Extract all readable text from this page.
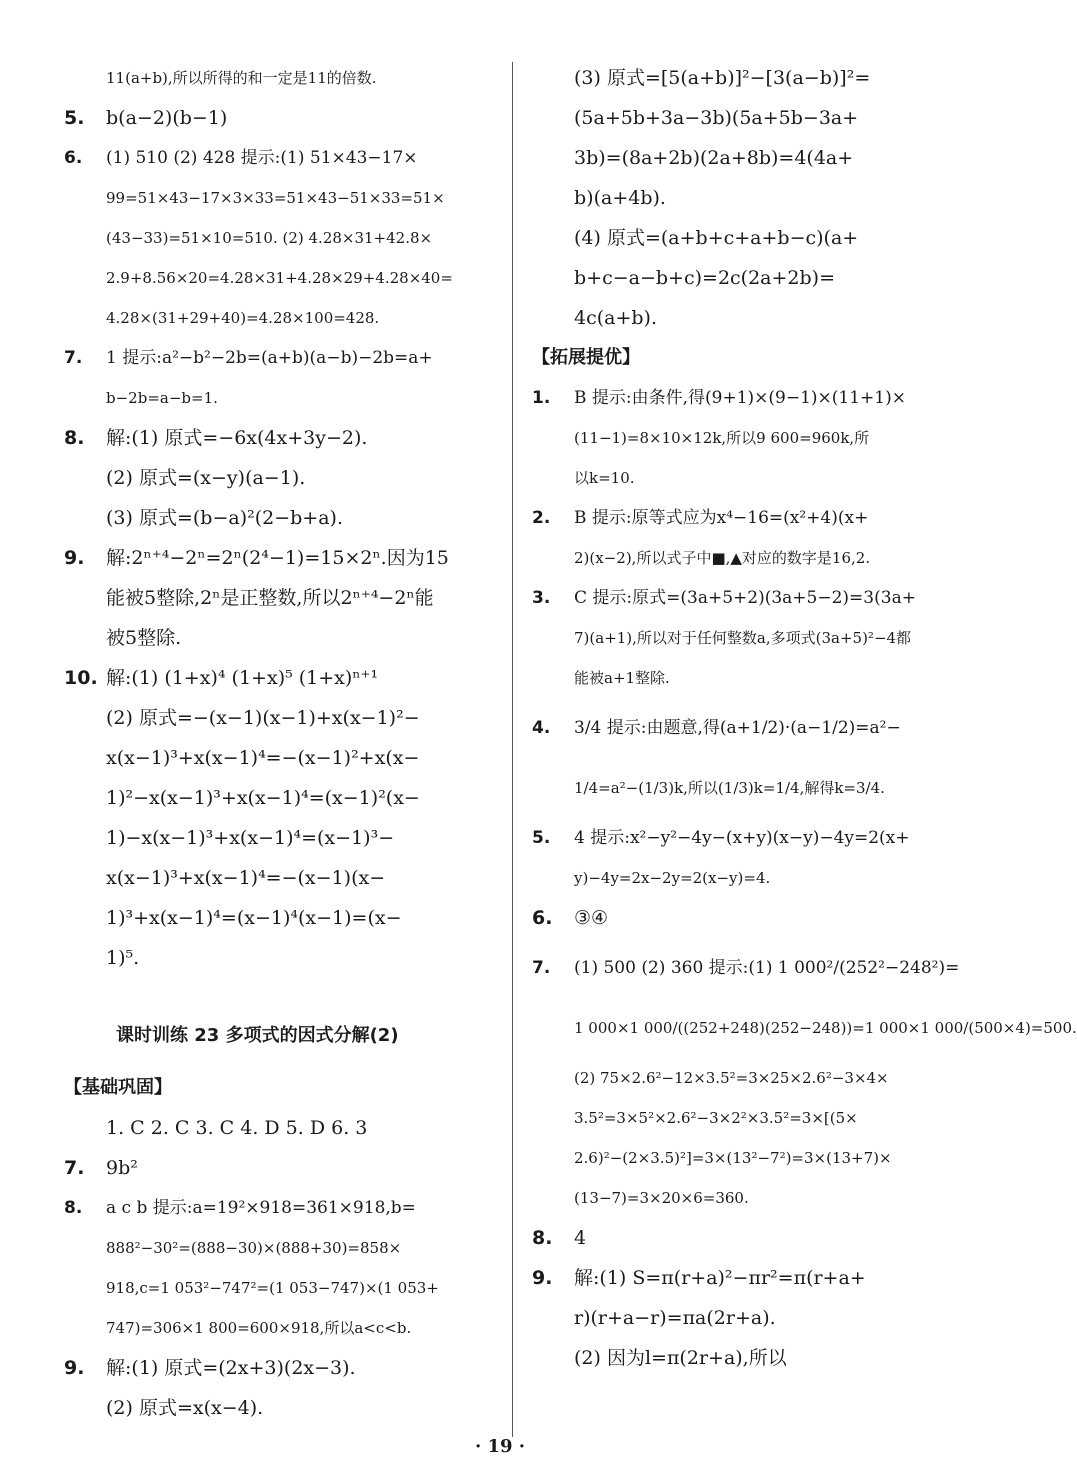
11(a+b),所以所得的和一定是11的倍数.
5. b(a−2)(b−1)
6. (1) 510 (2) 428 提示:(1) 51×43−17×
99=51×43−17×3×33=51×43−51×33=51×
(43−33)=51×10=510. (2) 4.28×31+42.8×
2.9+8.56×20=4.28×31+4.28×29+4.28×40=
4.28×(31+29+40)=4.28×100=428.
7. 1 提示:a²−b²−2b=(a+b)(a−b)−2b=a+
b−2b=a−b=1.
8. 解:(1) 原式=−6x(4x+3y−2).
(2) 原式=(x−y)(a−1).
(3) 原式=(b−a)²(2−b+a).
9. 解:2ⁿ⁺⁴−2ⁿ=2ⁿ(2⁴−1)=15×2ⁿ.因为15
能被5整除,2ⁿ是正整数,所以2ⁿ⁺⁴−2ⁿ能
被5整除.
10. 解:(1) (1+x)⁴ (1+x)⁵ (1+x)ⁿ⁺¹
(2) 原式=−(x−1)(x−1)+x(x−1)²−
x(x−1)³+x(x−1)⁴=−(x−1)²+x(x−
1)²−x(x−1)³+x(x−1)⁴=(x−1)²(x−
1)−x(x−1)³+x(x−1)⁴=(x−1)³−
x(x−1)³+x(x−1)⁴=−(x−1)(x−
1)³+x(x−1)⁴=(x−1)⁴(x−1)=(x−
1)⁵.
课时训练 23 多项式的因式分解(2)
【基础巩固】
1. C 2. C 3. C 4. D 5. D 6. 3
7. 9b²
8. a c b 提示:a=19²×918=361×918,b=
888²−30²=(888−30)×(888+30)=858×
918,c=1 053²−747²=(1 053−747)×(1 053+
747)=306×1 800=600×918,所以a<c<b.
9. 解:(1) 原式=(2x+3)(2x−3).
(2) 原式=x(x−4).
(3) 原式=[5(a+b)]²−[3(a−b)]²=
(5a+5b+3a−3b)(5a+5b−3a+
3b)=(8a+2b)(2a+8b)=4(4a+
b)(a+4b).
(4) 原式=(a+b+c+a+b−c)(a+
b+c−a−b+c)=2c(2a+2b)=
4c(a+b).
【拓展提优】
1. B 提示:由条件,得(9+1)×(9−1)×(11+1)×
(11−1)=8×10×12k,所以9 600=960k,所
以k=10.
2. B 提示:原等式应为x⁴−16=(x²+4)(x+
2)(x−2),所以式子中■,▲对应的数字是16,2.
3. C 提示:原式=(3a+5+2)(3a+5−2)=3(3a+
7)(a+1),所以对于任何整数a,多项式(3a+5)²−4都
能被a+1整除.
4. 3/4 提示:由题意,得(a+1/2)·(a−1/2)=a²−
1/4=a²−(1/3)k,所以(1/3)k=1/4,解得k=3/4.
5. 4 提示:x²−y²−4y−(x+y)(x−y)−4y=2(x+
y)−4y=2x−2y=2(x−y)=4.
6. ③④
7. (1) 500 (2) 360 提示:(1) 1 000²/(252²−248²)=
1 000×1 000/((252+248)(252−248))=1 000×1 000/(500×4)=500.
(2) 75×2.6²−12×3.5²=3×25×2.6²−3×4×
3.5²=3×5²×2.6²−3×2²×3.5²=3×[(5×
2.6)²−(2×3.5)²]=3×(13²−7²)=3×(13+7)×
(13−7)=3×20×6=360.
8. 4
9. 解:(1) S=π(r+a)²−πr²=π(r+a+
r)(r+a−r)=πa(2r+a).
(2) 因为l=π(2r+a),所以
· 19 ·
